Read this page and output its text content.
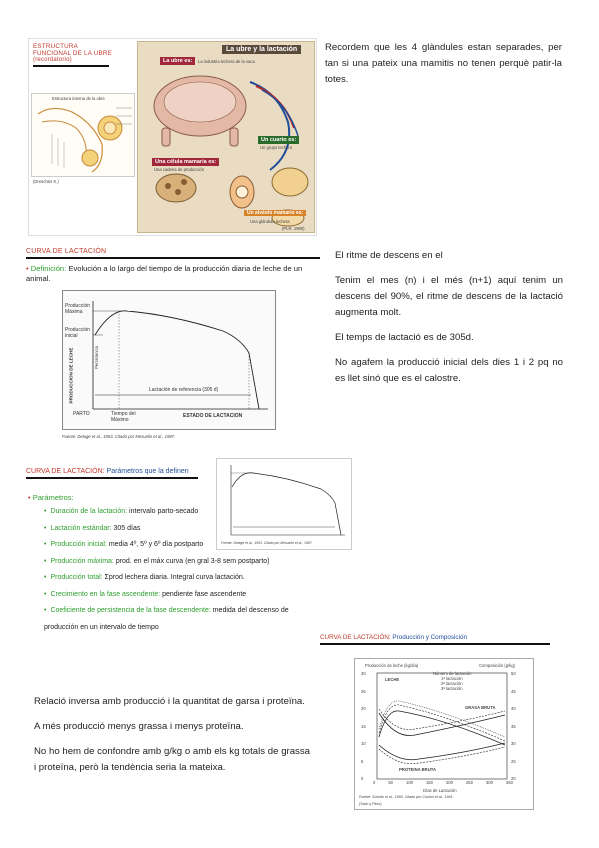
ESTRUCTURA FUNCIONAL DE LA UBRE
(recordatorio)
Estructura interna de la ubre
(Dreschler K.)
La ubre y la lactación
La ubre es:	La industria lechera de la vaca
Un cuarto es:
Un grupo lechero
Una célula mamaria es:
Una cadena de producción
Un alvéolo mamario es:
Una glándula lechera
(PLR, 1990)
Recordem que les 4 glàndules estan separades, per tan si una pateix una mamitis no tenen perquè patir-la totes.
CURVA DE LACTACIÓN
• Definición: Evolución a lo largo del tiempo de la producción diaria de leche de un animal.
Producción Máxima
Producción inicial
PRODUCCION DE LECHE	Persistencia
Lactación de referencia (305 d)
PARTO	Tiempo del Máximo
ESTADO DE LACTACION
Fuente: Delage et al., 1953. Citado por Mesuelin et al., 1987.

El ritme de descens en el

Tenim el mes (n) i el més (n+1) aquí tenim un descens del 90%, el ritme de descens de la lactació augmenta molt.

El temps de lactació es de 305d.

No agafem la producció inicial dels dies 1 i 2 pq no es llet sinó que es el calostre.

CURVA DE LACTACIÓN: Parámetros que la definen
• Parámetros:
• Duración de la lactación: intervalo parto-secado
• Lactación estándar: 305 días
• Producción inicial: media 4º, 5º y 6º día postparto
• Producción máxima: prod. en el máx curva (en gral 3-8 sem postparto)
• Producción total: Σprod lechera diaria. Integral curva lactación.
• Crecimiento en la fase ascendente: pendiente fase ascendente
• Coeficiente de persistencia de la fase descendente: medida del descenso de
producción en un intervalo de tiempo
Fuente: Delage et al., 1953. Citado por Mesuelin et al., 1987.
CURVA DE LACTACIÓN: Producción y Composición
Producción de leche (kg/día)	Composición (g/kg)
LECHE
GRASA BRUTA
PROTEINA BRUTA
Número de lactación
1ª lactación
2ª lactación
3ª lactación
0	50	100	150	200	250	300	350
0
5
10
15
20
25
30
20
25
30
35
40
45
50
Días de Lactación
Fuente: Schultz et al., 1990. Citado por Coulon et al., 1991.
(Sach y Pinto)

Relació inversa amb producció i la quantitat de garsa i proteïna.

A més producció menys grassa i menys proteïna.

No ho hem de confondre amb g/kg o amb els kg totals de grassa i proteïna, però la tendència seria la mateixa.
